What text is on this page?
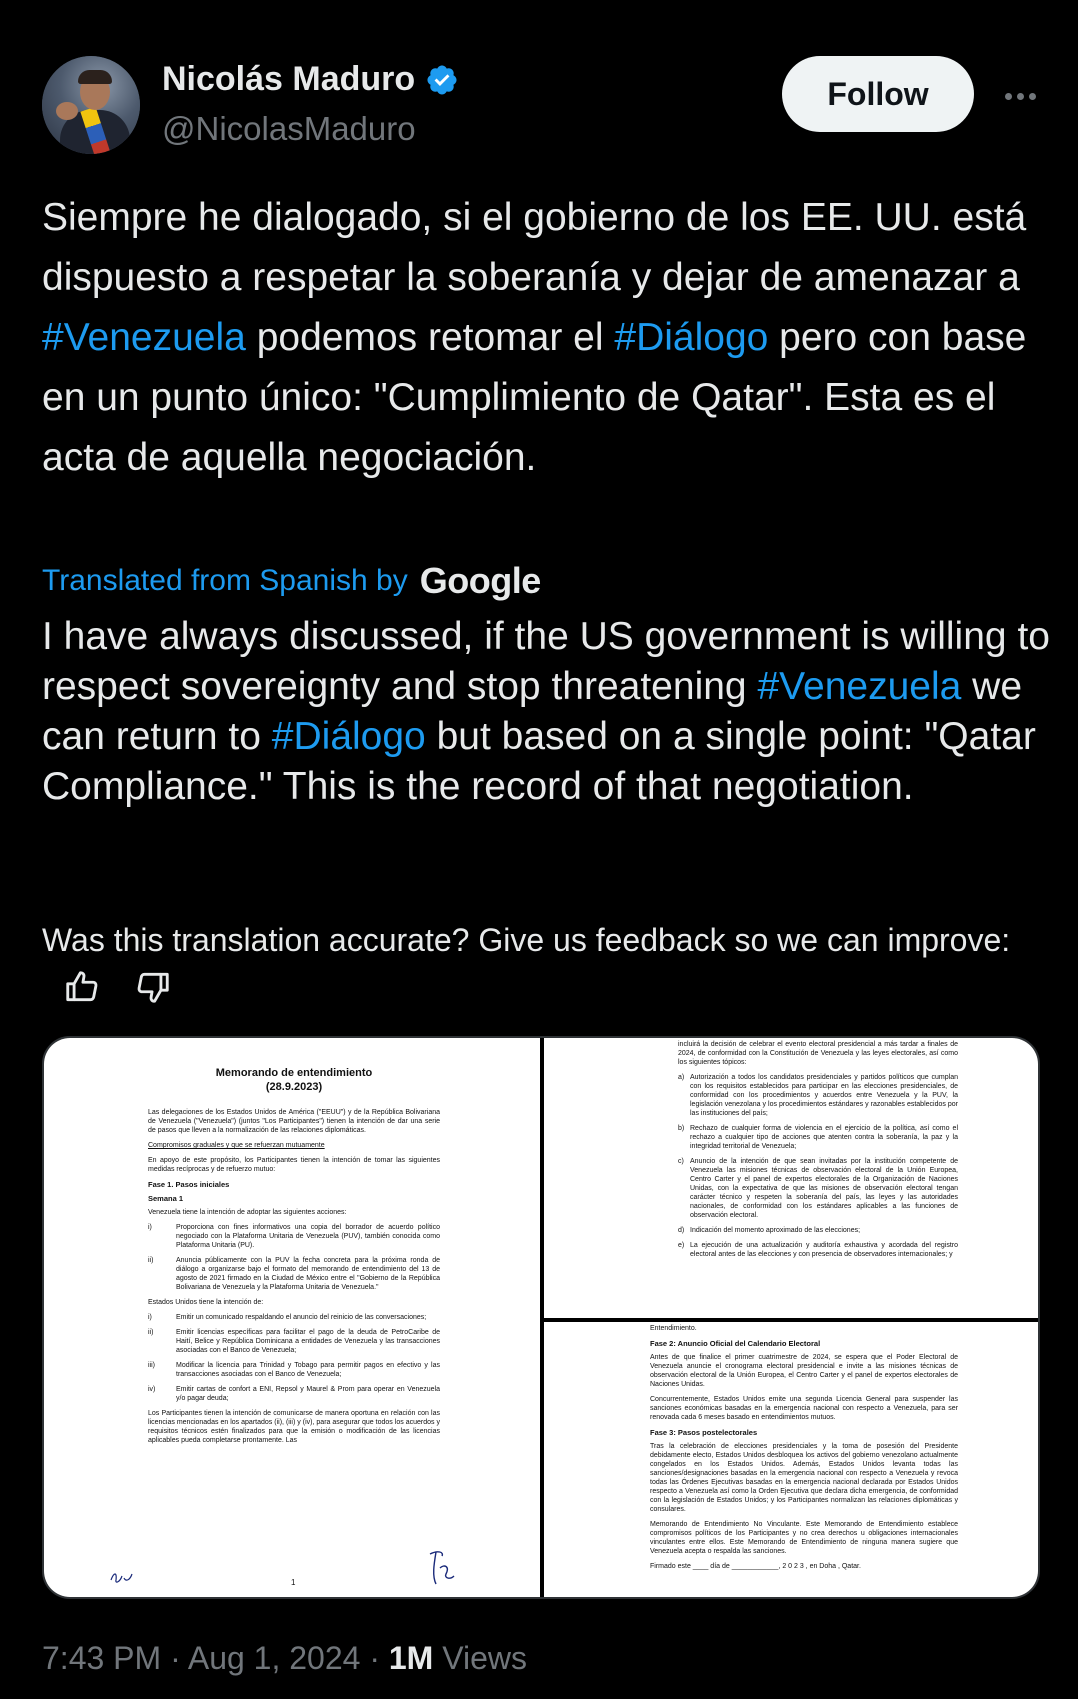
Nicolás Maduro
@NicolasMaduro
Follow
Siempre he dialogado, si el gobierno de los EE. UU. está dispuesto a respetar la soberanía y dejar de amenazar a #Venezuela podemos retomar el #Diálogo pero con base en un punto único: "Cumplimiento de Qatar". Esta es el acta de aquella negociación.
Translated from Spanish by Google
I have always discussed, if the US government is willing to respect sovereignty and stop threatening #Venezuela we can return to #Diálogo but based on a single point: "Qatar Compliance." This is the record of that negotiation.
Was this translation accurate? Give us feedback so we can improve:
Memorando de entendimiento
(28.9.2023)

Las delegaciones de los Estados Unidos de América ("EEUU") y de la República Bolivariana de Venezuela ("Venezuela") (juntos "Los Participantes") tienen la intención de dar una serie de pasos que lleven a la normalización de las relaciones diplomáticas.

Compromisos graduales y que se refuerzan mutuamente

En apoyo de este propósito, los Participantes tienen la intención de tomar las siguientes medidas recíprocas y de refuerzo mutuo:

Fase 1. Pasos iniciales

Semana 1

Venezuela tiene la intención de adoptar las siguientes acciones:

i)	Proporciona con fines informativos una copia del borrador de acuerdo político negociado con la Plataforma Unitaria de Venezuela (PUV), también conocida como Plataforma Unitaria (PU).
ii)	Anuncia públicamente con la PUV la fecha concreta para la próxima ronda de diálogo a organizarse bajo el formato del memorando de entendimiento del 13 de agosto de 2021 firmado en la Ciudad de México entre el "Gobierno de la República Bolivariana de Venezuela y la Plataforma Unitaria de Venezuela."

Estados Unidos tiene la intención de:

i)	Emitir un comunicado respaldando el anuncio del reinicio de las conversaciones;
ii)	Emitir licencias específicas para facilitar el pago de la deuda de PetroCaribe de Haití, Belice y República Dominicana a entidades de Venezuela y las transacciones asociadas con el Banco de Venezuela;
iii)	Modificar la licencia para Trinidad y Tobago para permitir pagos en efectivo y las transacciones asociadas con el Banco de Venezuela;
iv)	Emitir cartas de confort a ENI, Repsol y Maurel & Prom para operar en Venezuela y/o pagar deuda;

Los Participantes tienen la intención de comunicarse de manera oportuna en relación con las licencias mencionadas en los apartados (ii), (iii) y (iv), para asegurar que todos los acuerdos y requisitos técnicos estén finalizados para que la emisión o modificación de las licencias aplicables pueda completarse prontamente. Las

1

incluirá la decisión de celebrar el evento electoral presidencial a más tardar a finales de 2024, de conformidad con la Constitución de Venezuela y las leyes electorales, así como los siguientes tópicos:

a) Autorización a todos los candidatos presidenciales y partidos políticos que cumplan con los requisitos establecidos para participar en las elecciones presidenciales, de conformidad con los procedimientos y acuerdos entre Venezuela y la PUV, la legislación venezolana y los procedimientos estándares y razonables establecidos por las instituciones del país;
b) Rechazo de cualquier forma de violencia en el ejercicio de la política, así como el rechazo a cualquier tipo de acciones que atenten contra la soberanía, la paz y la integridad territorial de Venezuela;
c) Anuncio de la intención de que sean invitadas por la institución competente de Venezuela las misiones técnicas de observación electoral de la Unión Europea, Centro Carter y el panel de expertos electorales de la Organización de Naciones Unidas, con la expectativa de que las misiones de observación electoral tengan carácter técnico y respeten la soberanía del país, las leyes y las autoridades nacionales, de conformidad con los estándares aplicables a las funciones de observación electoral.
d) Indicación del momento aproximado de las elecciones;
e) La ejecución de una actualización y auditoría exhaustiva y acordada del registro electoral antes de las elecciones y con presencia de observadores internacionales; y

Entendimiento.

Fase 2: Anuncio Oficial del Calendario Electoral

Antes de que finalice el primer cuatrimestre de 2024, se espera que el Poder Electoral de Venezuela anuncie el cronograma electoral presidencial e invite a las misiones técnicas de observación electoral de la Unión Europea, el Centro Carter y el panel de expertos electorales de Naciones Unidas.

Concurrentemente, Estados Unidos emite una segunda Licencia General para suspender las sanciones económicas basadas en la emergencia nacional con respecto a Venezuela, para ser renovada cada 6 meses basado en entendimientos mutuos.

Fase 3: Pasos postelectorales

Tras la celebración de elecciones presidenciales y la toma de posesión del Presidente debidamente electo, Estados Unidos desbloquea los activos del gobierno venezolano actualmente congelados en los Estados Unidos. Además, Estados Unidos levanta todas las sanciones/designaciones basadas en la emergencia nacional con respecto a Venezuela y revoca todas las Órdenes Ejecutivas basadas en la emergencia nacional declarada por Estados Unidos respecto a Venezuela así como la Orden Ejecutiva que declara dicha emergencia, de conformidad con la legislación de Estados Unidos; y los Participantes normalizan las relaciones diplomáticas y consulares.

Memorando de Entendimiento No Vinculante. Este Memorando de Entendimiento establece compromisos políticos de los Participantes y no crea derechos u obligaciones internacionales vinculantes entre ellos. Este Memorando de Entendimiento de ninguna manera sugiere que Venezuela acepta o respalda las sanciones.

Firmado este ____ día de ____________, 2 0 2 3 , en Doha , Qatar.

7:43 PM · Aug 1, 2024 · 1M Views
